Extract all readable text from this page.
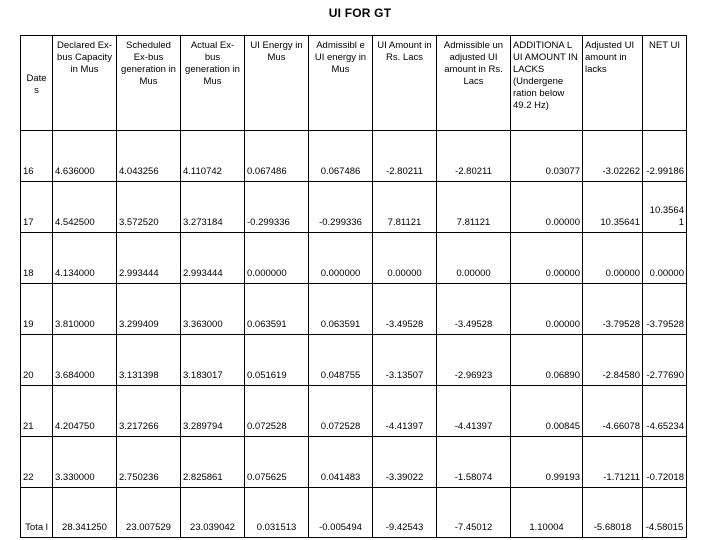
UI FOR GT
Date s	Declared Ex-bus Capacity in Mus	Scheduled Ex-bus generation in Mus	Actual Ex- bus generation in Mus	UI Energy in Mus	Admissibl e UI energy in Mus	UI Amount in Rs. Lacs	Admissible un adjusted UI amount in Rs. Lacs	ADDITIONA L UI AMOUNT IN LACKS (Undergene ration below 49.2 Hz)	Adjusted UI amount in lacks	NET UI
16	4.636000	4.043256	4.110742	0.067486	0.067486	-2.80211	-2.80211	0.03077	-3.02262	-2.99186
17	4.542500	3.572520	3.273184	-0.299336	-0.299336	7.81121	7.81121	0.00000	10.35641	10.3564 1
18	4.134000	2.993444	2.993444	0.000000	0.000000	0.00000	0.00000	0.00000	0.00000	0.00000
19	3.810000	3.299409	3.363000	0.063591	0.063591	-3.49528	-3.49528	0.00000	-3.79528	-3.79528
20	3.684000	3.131398	3.183017	0.051619	0.048755	-3.13507	-2.96923	0.06890	-2.84580	-2.77690
21	4.204750	3.217266	3.289794	0.072528	0.072528	-4.41397	-4.41397	0.00845	-4.66078	-4.65234
22	3.330000	2.750236	2.825861	0.075625	0.041483	-3.39022	-1.58074	0.99193	-1.71211	-0.72018
Tota l	28.341250	23.007529	23.039042	0.031513	-0.005494	-9.42543	-7.45012	1.10004	-5.68018	-4.58015
